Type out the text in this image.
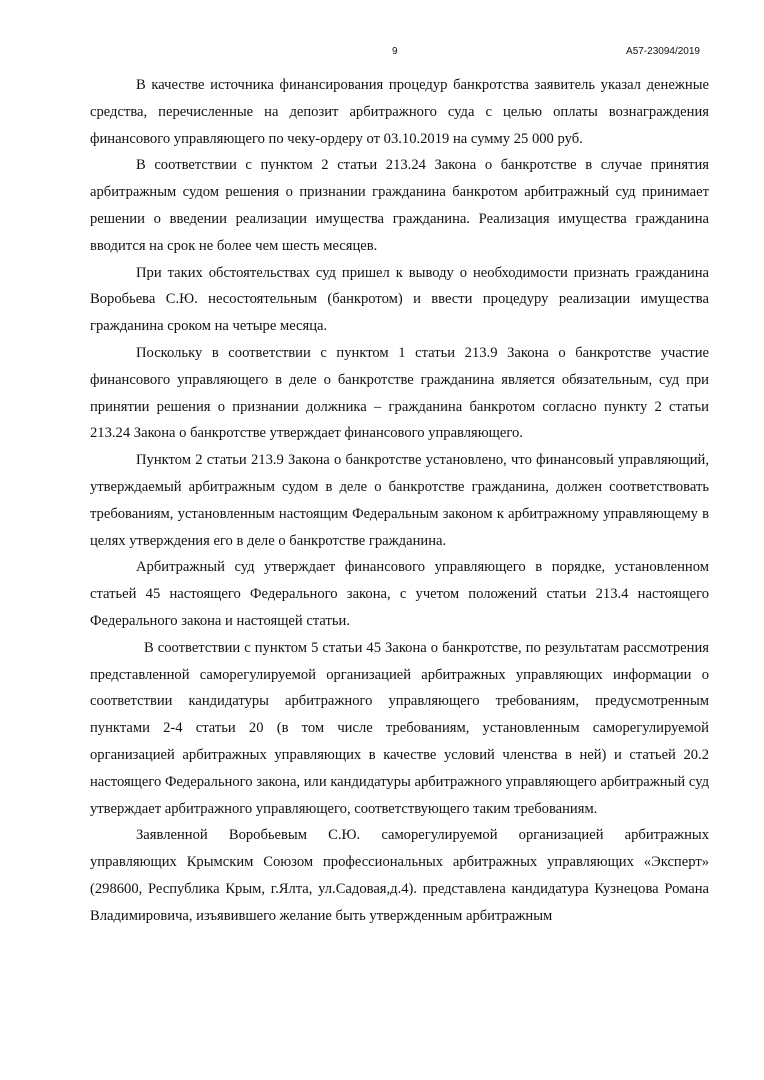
9	А57-23094/2019

В качестве источника финансирования процедур банкротства заявитель указал денежные средства, перечисленные на депозит арбитражного суда с целью оплаты вознаграждения финансового управляющего по чеку-ордеру от 03.10.2019 на сумму 25 000 руб.

В соответствии с пунктом 2 статьи 213.24 Закона о банкротстве в случае принятия арбитражным судом решения о признании гражданина банкротом арбитражный суд принимает решении о введении реализации имущества гражданина. Реализация имущества гражданина вводится на срок не более чем шесть месяцев.

При таких обстоятельствах суд пришел к выводу о необходимости признать гражданина Воробьева С.Ю. несостоятельным (банкротом) и ввести процедуру реализации имущества гражданина сроком на четыре месяца.

Поскольку в соответствии с пунктом 1 статьи 213.9 Закона о банкротстве участие финансового управляющего в деле о банкротстве гражданина является обязательным, суд при принятии решения о признании должника – гражданина банкротом согласно пункту 2 статьи 213.24 Закона о банкротстве утверждает финансового управляющего.

Пунктом 2 статьи 213.9 Закона о банкротстве установлено, что финансовый управляющий, утверждаемый арбитражным судом в деле о банкротстве гражданина, должен соответствовать требованиям, установленным настоящим Федеральным законом к арбитражному управляющему в целях утверждения его в деле о банкротстве гражданина.

Арбитражный суд утверждает финансового управляющего в порядке, установленном статьей 45 настоящего Федерального закона, с учетом положений статьи 213.4 настоящего Федерального закона и настоящей статьи.

В соответствии с пунктом 5 статьи 45 Закона о банкротстве, по результатам рассмотрения представленной саморегулируемой организацией арбитражных управляющих информации о соответствии кандидатуры арбитражного управляющего требованиям, предусмотренным пунктами 2-4 статьи 20 (в том числе требованиям, установленным саморегулируемой организацией арбитражных управляющих в качестве условий членства в ней) и статьей 20.2 настоящего Федерального закона, или кандидатуры арбитражного управляющего арбитражный суд утверждает арбитражного управляющего, соответствующего таким требованиям.

Заявленной Воробьевым С.Ю. саморегулируемой организацией арбитражных управляющих Крымским Союзом профессиональных арбитражных управляющих «Эксперт» (298600, Республика Крым, г.Ялта, ул.Садовая,д.4). представлена кандидатура Кузнецова Романа Владимировича, изъявившего желание быть утвержденным арбитражным
